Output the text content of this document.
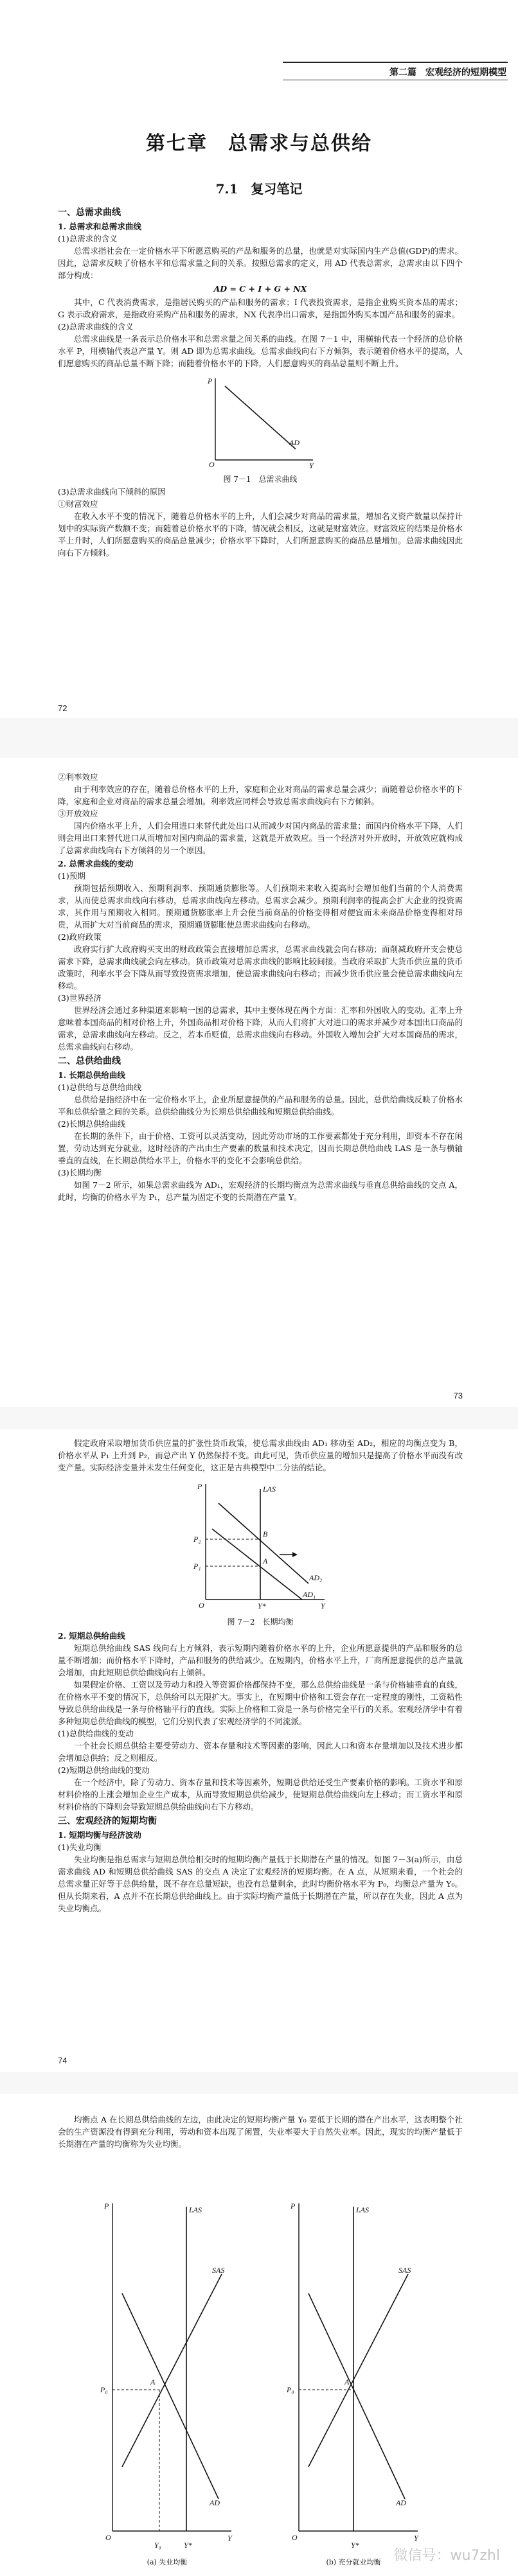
第二篇　宏观经济的短期模型
第七章　总需求与总供给
7.1　复习笔记

一、总需求曲线

1. 总需求和总需求曲线

(1)总需求的含义

总需求指社会在一定价格水平下所愿意购买的产品和服务的总量，也就是对实际国内生产总值(GDP)的需求。因此，总需求反映了价格水平和总需求量之间的关系。按照总需求的定义，用 AD 代表总需求，总需求由以下四个部分构成：

AD = C + I + G + NX

其中，C 代表消费需求，是指居民购买的产品和服务的需求；I 代表投资需求，是指企业购买资本品的需求；G 表示政府需求，是指政府采购产品和服务的需求，NX 代表净出口需求，是指国外购买本国产品和服务的需求。

(2)总需求曲线的含义

总需求曲线是一条表示总价格水平和总需求量之间关系的曲线。在图 7－1 中，用横轴代表一个经济的总价格水平 P，用横轴代表总产量 Y。则 AD 即为总需求曲线。总需求曲线向右下方倾斜，表示随着价格水平的提高，人们愿意购买的商品总量不断下降；而随着价格水平的下降，人们愿意购买的商品总量则不断上升。

P
Y
O
AD

图 7－1　总需求曲线

(3)总需求曲线向下倾斜的原因

①财富效应

在收入水平不变的情况下，随着总价格水平的上升，人们会减少对商品的需求量，增加名义资产数量以保持计划中的实际资产数额不变；而随着总价格水平的下降，情况就会相反，这就是财富效应。财富效应的结果是价格水平上升时，人们所愿意购买的商品总量减少；价格水平下降时，人们所愿意购买的商品总量增加。总需求曲线因此向右下方倾斜。

72

②利率效应

由于利率效应的存在，随着总价格水平的上升，家庭和企业对商品的需求总量会减少；而随着总价格水平的下降，家庭和企业对商品的需求总量会增加。利率效应同样会导致总需求曲线向右下方倾斜。

③开放效应

国内价格水平上升，人们会用进口来替代此处出口从而减少对国内商品的需求量；而国内价格水平下降，人们则会用出口来替代进口从而增加对国内商品的需求量，这就是开放效应。当一个经济对外开放时，开放效应就构成了总需求曲线向右下方倾斜的另一个原因。

2. 总需求曲线的变动

(1)预期

预期包括预期收入、预期利润率、预期通货膨胀等。人们预期未来收入提高时会增加他们当前的个人消费需求，从而使总需求曲线向右移动，总需求曲线向左移动。总需求会减少。预期利润率的提高会扩大企业的投资需求，其作用与预期收入相同。预期通货膨胀率上升会使当前商品的价格变得相对便宜而未来商品价格变得相对昂贵，从而扩大对当前商品的需求，预期通货膨胀使总需求曲线向右移动。

(2)政府政策

政府实行扩大政府购买支出的财政政策会直接增加总需求，总需求曲线就会向右移动；而削减政府开支会使总需求下降，总需求曲线就会向左移动。货币政策对总需求曲线的影响比较间接。当政府采取扩大货币供应量的货币政策时，利率水平会下降从而导致投资需求增加，使总需求曲线向右移动；而减少货币供应量会使总需求曲线向左移动。

(3)世界经济

世界经济会通过多种渠道来影响一国的总需求，其中主要体现在两个方面：汇率和外国收入的变动。汇率上升意味着本国商品的相对价格上升，外国商品相对价格下降，从而人们将扩大对进口的需求并减少对本国出口商品的需求，总需求曲线向左移动。反之，若本币贬值，总需求曲线向右移动。外国收入增加会扩大对本国商品的需求，总需求曲线向右移动。

二、总供给曲线

1. 长期总供给曲线

(1)总供给与总供给曲线

总供给是指经济中在一定价格水平上，企业所愿意提供的产品和服务的总量。因此，总供给曲线反映了价格水平和总供给量之间的关系。总供给曲线分为长期总供给曲线和短期总供给曲线。

(2)长期总供给曲线

在长期的条件下，由于价格、工资可以灵活变动，因此劳动市场的工作要素都处于充分利用，即资本不存在闲置，劳动达到充分就业，这时经济的产出由生产要素的数量和技术决定，因而长期总供给曲线 LAS 是一条与横轴垂直的直线，在长期总供给水平上，价格水平的变化不会影响总供给。

(3)长期均衡

如图 7－2 所示，如果总需求曲线为 AD₁，宏观经济的长期均衡点为总需求曲线与垂直总供给曲线的交点 A，此时，均衡的价格水平为 P₁，总产量为固定不变的长期潜在产量 Y。

73

假定政府采取增加货币供应量的扩张性货币政策，使总需求曲线由 AD₁ 移动至 AD₂，相应的均衡点变为 B，价格水平从 P₁ 上升到 P₂，而总产出 Y 仍然保持不变。由此可见，货币供应量的增加只是提高了价格水平而没有改变产量。实际经济变量并未发生任何变化，这正是古典模型中二分法的结论。

P
Y
O
LAS
AD₂
AD₁
P₂
P₁
B
A
Y*

图 7－2　长期均衡

2. 短期总供给曲线

短期总供给曲线 SAS 线向右上方倾斜，表示短期内随着价格水平的上升，企业所愿意提供的产品和服务的总量不断增加；而价格水平下降时，产品和服务的供给减少。在短期内，价格水平上升，厂商所愿意提供的总产量就会增加，由此短期总供给曲线向右上倾斜。

如果假定价格、工资以及劳动力和投入等资源价格都保持不变，那么总供给曲线是一条与价格轴垂直的直线，在价格水平不变的情况下，总供给可以无限扩大。事实上，在短期中价格和工资会存在一定程度的刚性，工资粘性导致总供给曲线是一条与价格轴平行的直线。实际上价格和工资是一条与价格完全平行的关系。宏观经济学中有着多种短期总供给曲线的模型，它们分别代表了宏观经济学的不同流派。

(1)总供给曲线的变动

一个社会长期总供给主要受劳动力、资本存量和技术等因素的影响，因此人口和资本存量增加以及技术进步都会增加总供给；反之则相反。

(2)短期总供给曲线的变动

在一个经济中，除了劳动力、资本存量和技术等因素外，短期总供给还受生产要素价格的影响。工资水平和原材料价格的上涨会增加企业生产成本，从而导致短期总供给减少，使短期总供给曲线向左上移动；而工资水平和原材料价格的下降则会导致短期总供给曲线向右下方移动。

三、宏观经济的短期均衡

1. 短期均衡与经济波动

(1)失业均衡

失业均衡是指总需求与短期总供给相交时的短期均衡产量低于长期潜在产量的情况。如图 7－3(a)所示，由总需求曲线 AD 和短期总供给曲线 SAS 的交点 A 决定了宏观经济的短期均衡。在 A 点，从短期来看，一个社会的总需求量正好等于总供给量，既不存在总量短缺，也没有总量剩余，此时均衡价格水平为 P₀，均衡总产量为 Y₀。但从长期来看，A 点并不在长期总供给曲线上。由于实际均衡产量低于长期潜在产量，所以存在失业，因此 A 点为失业均衡点。

74

均衡点 A 在长期总供给曲线的左边，由此决定的短期均衡产量 Y₀ 要低于长期的潜在产出水平，这表明整个社会的生产资源没有得到充分利用，劳动和资本出现了闲置，失业率要大于自然失业率。因此，现实的均衡产量低于长期潜在产量的均衡称为失业均衡。

P
Y
O
LAS
SAS
AD
P₀
Y₀	Y*
A
(a) 失业均衡
P
Y
O
LAS
SAS
AD
P₀
Y*
A
(b) 充分就业均衡 微信号：wu7zhl
